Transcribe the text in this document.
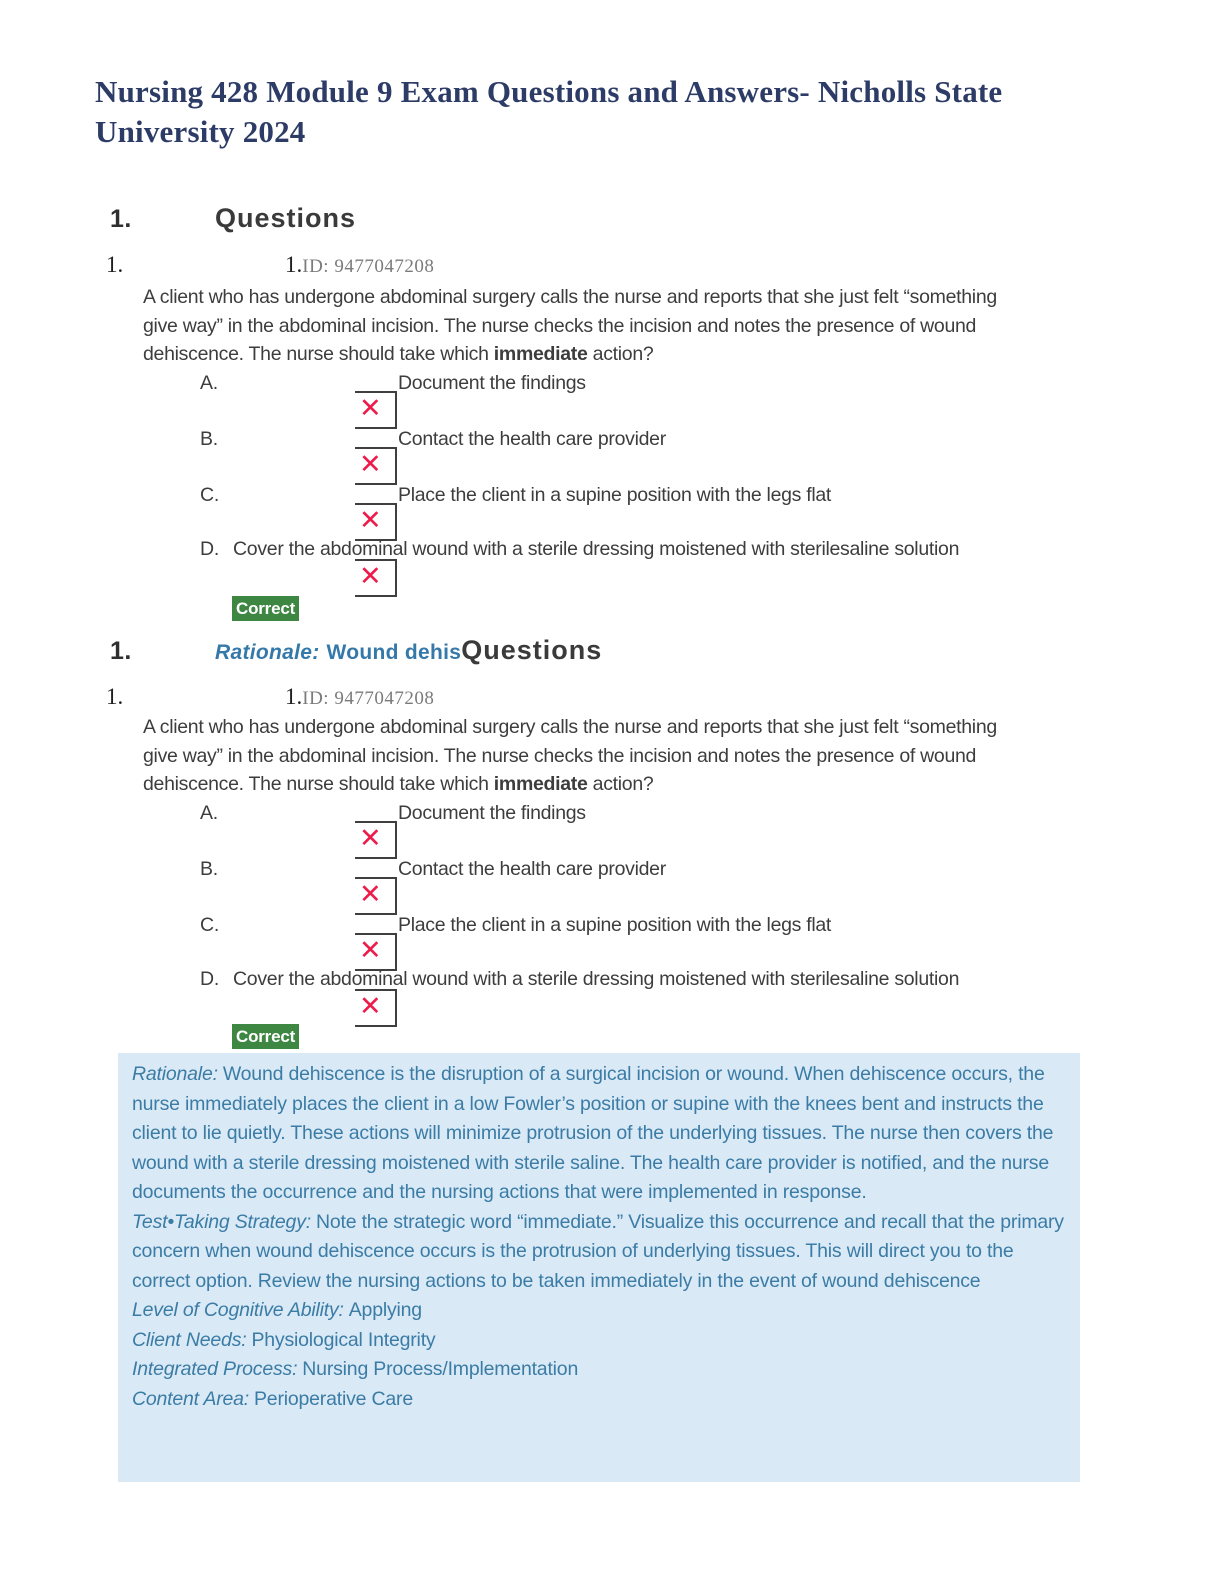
Nursing 428 Module 9 Exam Questions and Answers- Nicholls State University 2024
1.	Questions
1.	1.ID: 9477047208

A client who has undergone abdominal surgery calls the nurse and reports that she just felt “something give way” in the abdominal incision. The nurse checks the incision and notes the presence of wound dehiscence. The nurse should take which immediate action?

A.
✕
Document the findings
B.
✕
Contact the health care provider
C.
✕
Place the client in a supine position with the legs flat
D. Cover the abdominal wound with a sterile dressing moistened with sterilesaline solution
✕
Correct
1.	Rationale: Wound dehis Questions
1.	1.ID: 9477047208

A client who has undergone abdominal surgery calls the nurse and reports that she just felt “something give way” in the abdominal incision. The nurse checks the incision and notes the presence of wound dehiscence. The nurse should take which immediate action?

A.
✕
Document the findings
B.
✕
Contact the health care provider
C.
✕
Place the client in a supine position with the legs flat
D. Cover the abdominal wound with a sterile dressing moistened with sterilesaline solution
✕
Correct

Rationale: Wound dehiscence is the disruption of a surgical incision or wound. When dehiscence occurs, the nurse immediately places the client in a low Fowler’s position or supine with the knees bent and instructs the client to lie quietly. These actions will minimize protrusion of the underlying tissues. The nurse then covers the wound with a sterile dressing moistened with sterile saline. The health care provider is notified, and the nurse documents the occurrence and the nursing actions that were implemented in response.

Test•Taking Strategy: Note the strategic word “immediate.” Visualize this occurrence and recall that the primary concern when wound dehiscence occurs is the protrusion of underlying tissues. This will direct you to the correct option. Review the nursing actions to be taken immediately in the event of wound dehiscence

Level of Cognitive Ability: Applying

Client Needs: Physiological Integrity

Integrated Process: Nursing Process/Implementation

Content Area: Perioperative Care
